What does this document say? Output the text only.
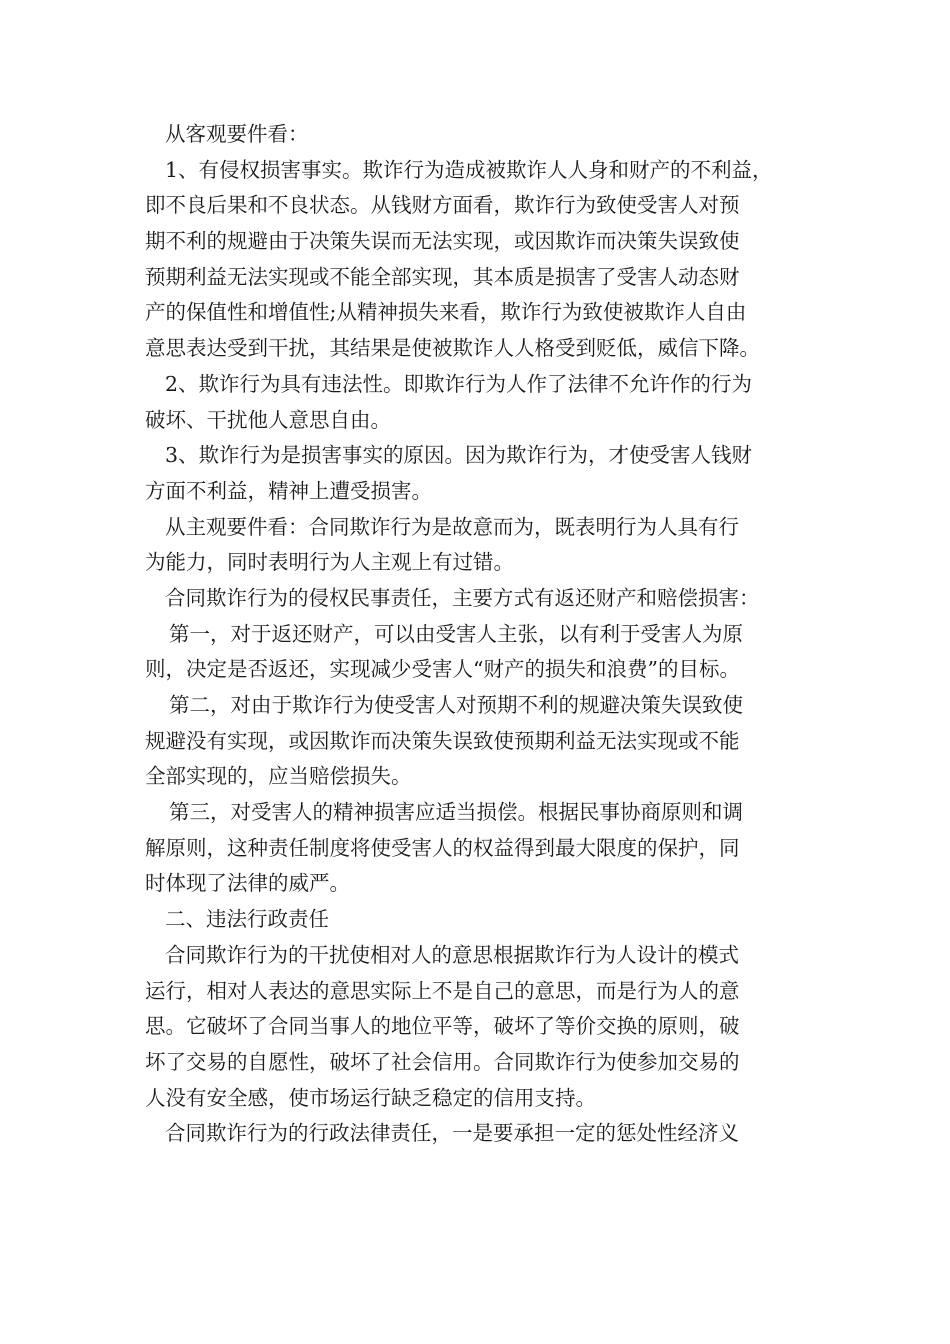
从客观要件看：
1、有侵权损害事实。欺诈行为造成被欺诈人人身和财产的不利益，
即不良后果和不良状态。从钱财方面看，欺诈行为致使受害人对预
期不利的规避由于决策失误而无法实现，或因欺诈而决策失误致使
预期利益无法实现或不能全部实现，其本质是损害了受害人动态财
产的保值性和增值性;从精神损失来看，欺诈行为致使被欺诈人自由
意思表达受到干扰，其结果是使被欺诈人人格受到贬低，威信下降。
2、欺诈行为具有违法性。即欺诈行为人作了法律不允许作的行为
破坏、干扰他人意思自由。
3、欺诈行为是损害事实的原因。因为欺诈行为，才使受害人钱财
方面不利益，精神上遭受损害。
从主观要件看：合同欺诈行为是故意而为，既表明行为人具有行
为能力，同时表明行为人主观上有过错。
合同欺诈行为的侵权民事责任，主要方式有返还财产和赔偿损害：
第一，对于返还财产，可以由受害人主张，以有利于受害人为原
则，决定是否返还，实现减少受害人“财产的损失和浪费”的目标。
第二，对由于欺诈行为使受害人对预期不利的规避决策失误致使
规避没有实现，或因欺诈而决策失误致使预期利益无法实现或不能
全部实现的，应当赔偿损失。
第三，对受害人的精神损害应适当损偿。根据民事协商原则和调
解原则，这种责任制度将使受害人的权益得到最大限度的保护，同
时体现了法律的威严。
二、违法行政责任
合同欺诈行为的干扰使相对人的意思根据欺诈行为人设计的模式
运行，相对人表达的意思实际上不是自己的意思，而是行为人的意
思。它破坏了合同当事人的地位平等，破坏了等价交换的原则，破
坏了交易的自愿性，破坏了社会信用。合同欺诈行为使参加交易的
人没有安全感，使市场运行缺乏稳定的信用支持。
合同欺诈行为的行政法律责任，一是要承担一定的惩处性经济义
